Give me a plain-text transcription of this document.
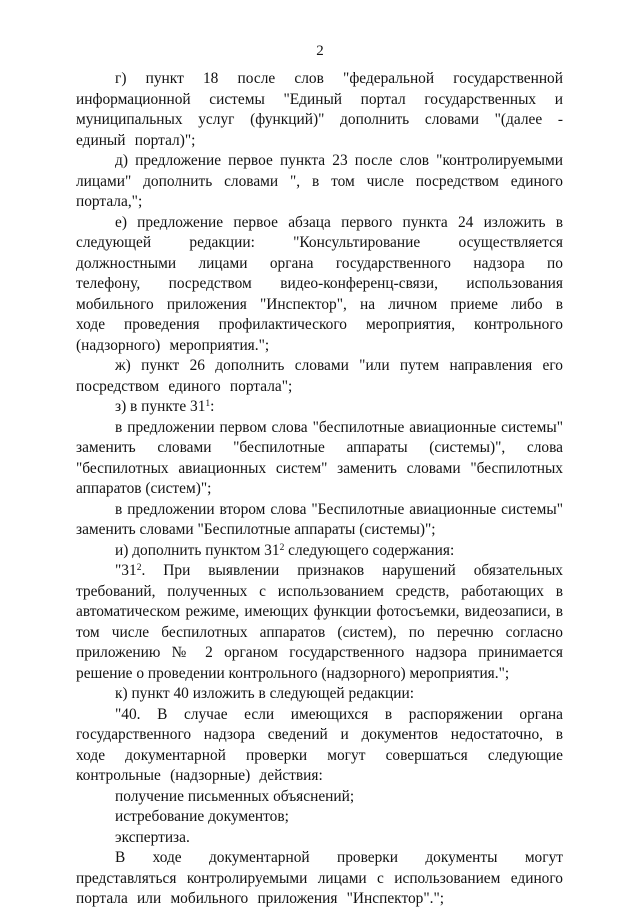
2

г) пункт 18 после слов "федеральной государственной информационной системы "Единый портал государственных и муниципальных услуг (функций)" дополнить словами "(далее - единый портал)";

д) предложение первое пункта 23 после слов "контролируемыми лицами" дополнить словами ", в том числе посредством единого портала,";

е) предложение первое абзаца первого пункта 24 изложить в следующей редакции: "Консультирование осуществляется должностными лицами органа государственного надзора по телефону, посредством видео-конференц-связи, использования мобильного приложения "Инспектор", на личном приеме либо в ходе проведения профилактического мероприятия, контрольного (надзорного) мероприятия.";

ж) пункт 26 дополнить словами "или путем направления его посредством единого портала";

з) в пункте $31^1$:

в предложении первом слова "беспилотные авиационные системы" заменить словами "беспилотные аппараты (системы)", слова "беспилотных авиационных систем" заменить словами "беспилотных аппаратов (систем)";

в предложении втором слова "Беспилотные авиационные системы" заменить словами "Беспилотные аппараты (системы)";

и) дополнить пунктом $31^2$ следующего содержания:

"$31^2$. При выявлении признаков нарушений обязательных требований, полученных с использованием средств, работающих в автоматическом режиме, имеющих функции фотосъемки, видеозаписи, в том числе беспилотных аппаратов (систем), по перечню согласно приложению № 2 органом государственного надзора принимается решение о проведении контрольного (надзорного) мероприятия.";

к) пункт 40 изложить в следующей редакции:

"40. В случае если имеющихся в распоряжении органа государственного надзора сведений и документов недостаточно, в ходе документарной проверки могут совершаться следующие контрольные (надзорные) действия:

получение письменных объяснений;

истребование документов;

экспертиза.

В ходе документарной проверки документы могут представляться контролируемыми лицами с использованием единого портала или мобильного приложения "Инспектор".";
